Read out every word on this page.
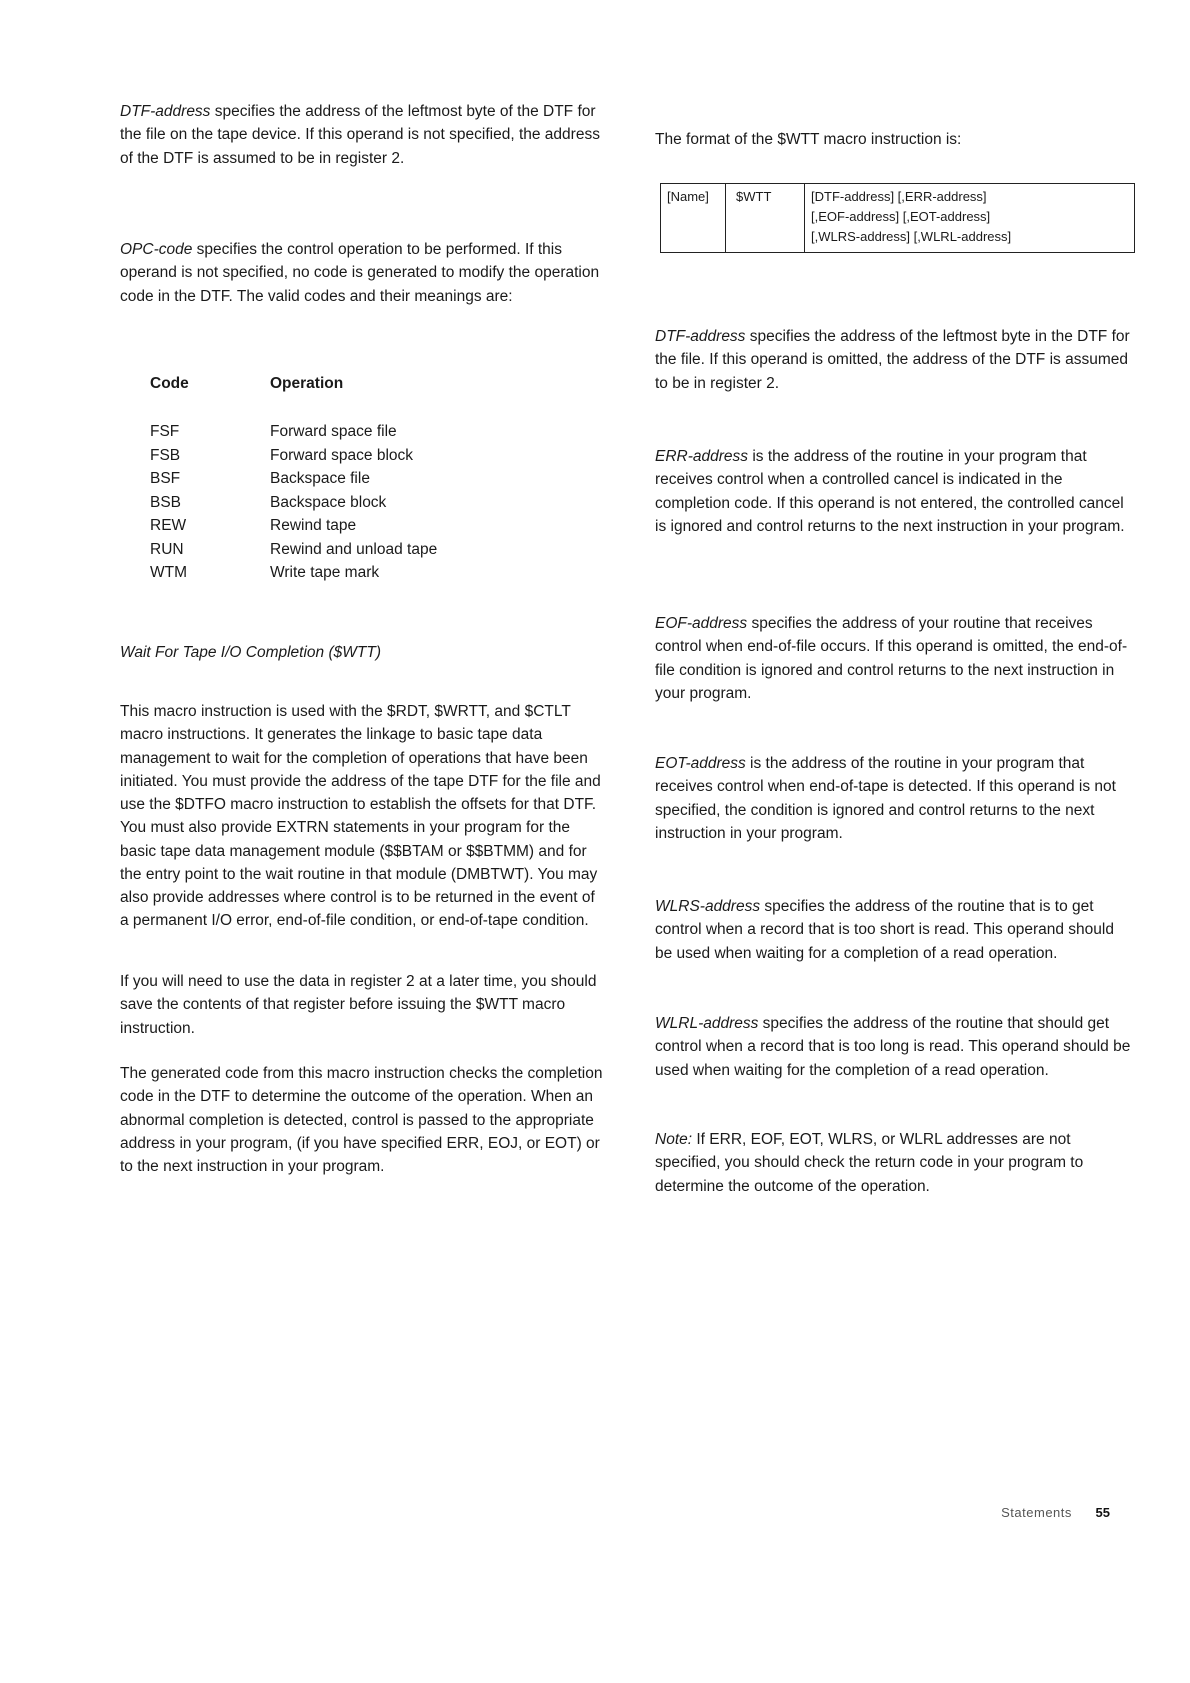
DTF-address specifies the address of the leftmost byte of the DTF for the file on the tape device. If this operand is not specified, the address of the DTF is assumed to be in register 2.

OPC-code specifies the control operation to be performed. If this operand is not specified, no code is generated to modify the operation code in the DTF. The valid codes and their meanings are:

Code	Operation
FSF	Forward space file
FSB	Forward space block
BSF	Backspace file
BSB	Backspace block
REW	Rewind tape
RUN	Rewind and unload tape
WTM	Write tape mark
Wait For Tape I/O Completion ($WTT)

This macro instruction is used with the $RDT, $WRTT, and $CTLT macro instructions. It generates the linkage to basic tape data management to wait for the completion of operations that have been initiated. You must provide the address of the tape DTF for the file and use the $DTFO macro instruction to establish the offsets for that DTF. You must also provide EXTRN statements in your program for the basic tape data management module ($$BTAM or $$BTMM) and for the entry point to the wait routine in that module (DMBTWT). You may also provide addresses where control is to be returned in the event of a permanent I/O error, end-of-file condition, or end-of-tape condition.

If you will need to use the data in register 2 at a later time, you should save the contents of that register before issuing the $WTT macro instruction.

The generated code from this macro instruction checks the completion code in the DTF to determine the outcome of the operation. When an abnormal completion is detected, control is passed to the appropriate address in your program, (if you have specified ERR, EOJ, or EOT) or to the next instruction in your program.

The format of the $WTT macro instruction is:

[Name]	$WTT	[DTF-address] [,ERR-address]
[,EOF-address] [,EOT-address]
[,WLRS-address] [,WLRL-address]

DTF-address specifies the address of the leftmost byte in the DTF for the file. If this operand is omitted, the address of the DTF is assumed to be in register 2.

ERR-address is the address of the routine in your program that receives control when a controlled cancel is indicated in the completion code. If this operand is not entered, the controlled cancel is ignored and control returns to the next instruction in your program.

EOF-address specifies the address of your routine that receives control when end-of-file occurs. If this operand is omitted, the end-of-file condition is ignored and control returns to the next instruction in your program.

EOT-address is the address of the routine in your program that receives control when end-of-tape is detected. If this operand is not specified, the condition is ignored and control returns to the next instruction in your program.

WLRS-address specifies the address of the routine that is to get control when a record that is too short is read. This operand should be used when waiting for a completion of a read operation.

WLRL-address specifies the address of the routine that should get control when a record that is too long is read. This operand should be used when waiting for the completion of a read operation.

Note: If ERR, EOF, EOT, WLRS, or WLRL addresses are not specified, you should check the return code in your program to determine the outcome of the operation.

Statements 55
